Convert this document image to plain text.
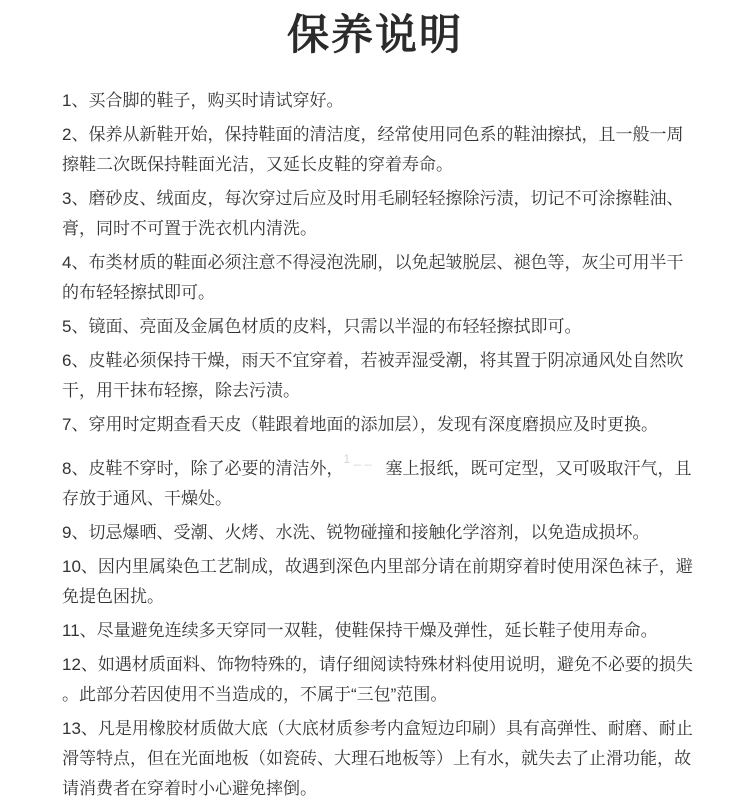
保养说明

1、买合脚的鞋子，购买时请试穿好。

2、保养从新鞋开始，保持鞋面的清洁度，经常使用同色系的鞋油擦拭，且一般一周
擦鞋二次既保持鞋面光洁，又延长皮鞋的穿着寿命。

3、磨砂皮、绒面皮，每次穿过后应及时用毛刷轻轻擦除污渍，切记不可涂擦鞋油、
膏，同时不可置于洗衣机内清洗。

4、布类材质的鞋面必须注意不得浸泡洗刷，以免起皱脱层、褪色等，灰尘可用半干
的布轻轻擦拭即可。

5、镜面、亮面及金属色材质的皮料，只需以半湿的布轻轻擦拭即可。

6、皮鞋必须保持干燥，雨天不宜穿着，若被弄湿受潮，将其置于阴凉通风处自然吹
干，用干抹布轻擦，除去污渍。

7、穿用时定期查看天皮（鞋跟着地面的添加层），发现有深度磨损应及时更换。

8、皮鞋不穿时，除了必要的清洁外，1__ 塞上报纸，既可定型，又可吸取汗气，且
存放于通风、干燥处。

9、切忌爆晒、受潮、火烤、水洗、锐物碰撞和接触化学溶剂，以免造成损坏。

10、因内里属染色工艺制成，故遇到深色内里部分请在前期穿着时使用深色袜子，避
免提色困扰。

11、尽量避免连续多天穿同一双鞋，使鞋保持干燥及弹性，延长鞋子使用寿命。

12、如遇材质面料、饰物特殊的，请仔细阅读特殊材料使用说明，避免不必要的损失
。此部分若因使用不当造成的，不属于“三包”范围。

13、凡是用橡胶材质做大底（大底材质参考内盒短边印刷）具有高弹性、耐磨、耐止
滑等特点，但在光面地板（如瓷砖、大理石地板等）上有水，就失去了止滑功能，故
请消费者在穿着时小心避免摔倒。
